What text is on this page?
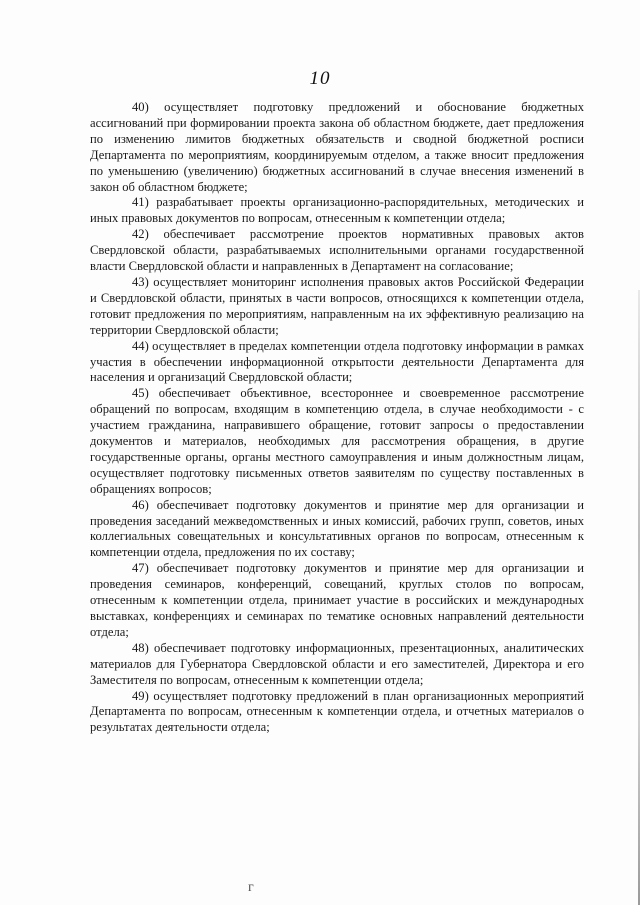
10

40) осуществляет подготовку предложений и обоснование бюджетных ассигнований при формировании проекта закона об областном бюджете, дает предложения по изменению лимитов бюджетных обязательств и сводной бюджетной росписи Департамента по мероприятиям, координируемым отделом, а также вносит предложения по уменьшению (увеличению) бюджетных ассигнований в случае внесения изменений в закон об областном бюджете;

41) разрабатывает проекты организационно-распорядительных, методических и иных правовых документов по вопросам, отнесенным к компетенции отдела;

42) обеспечивает рассмотрение проектов нормативных правовых актов Свердловской области, разрабатываемых исполнительными органами государственной власти Свердловской области и направленных в Департамент на согласование;

43) осуществляет мониторинг исполнения правовых актов Российской Федерации и Свердловской области, принятых в части вопросов, относящихся к компетенции отдела, готовит предложения по мероприятиям, направленным на их эффективную реализацию на территории Свердловской области;

44) осуществляет в пределах компетенции отдела подготовку информации в рамках участия в обеспечении информационной открытости деятельности Департамента для населения и организаций Свердловской области;

45) обеспечивает объективное, всестороннее и своевременное рассмотрение обращений по вопросам, входящим в компетенцию отдела, в случае необходимости - с участием гражданина, направившего обращение, готовит запросы о предоставлении документов и материалов, необходимых для рассмотрения обращения, в другие государственные органы, органы местного самоуправления и иным должностным лицам, осуществляет подготовку письменных ответов заявителям по существу поставленных в обращениях вопросов;

46) обеспечивает подготовку документов и принятие мер для организации и проведения заседаний межведомственных и иных комиссий, рабочих групп, советов, иных коллегиальных совещательных и консультативных органов по вопросам, отнесенным к компетенции отдела, предложения по их составу;

47) обеспечивает подготовку документов и принятие мер для организации и проведения семинаров, конференций, совещаний, круглых столов по вопросам, отнесенным к компетенции отдела, принимает участие в российских и международных выставках, конференциях и семинарах по тематике основных направлений деятельности отдела;

48) обеспечивает подготовку информационных, презентационных, аналитических материалов для Губернатора Свердловской области и его заместителей, Директора и его Заместителя по вопросам, отнесенным к компетенции отдела;

49) осуществляет подготовку предложений в план организационных мероприятий Департамента по вопросам, отнесенным к компетенции отдела, и отчетных материалов о результатах деятельности отдела;

г
